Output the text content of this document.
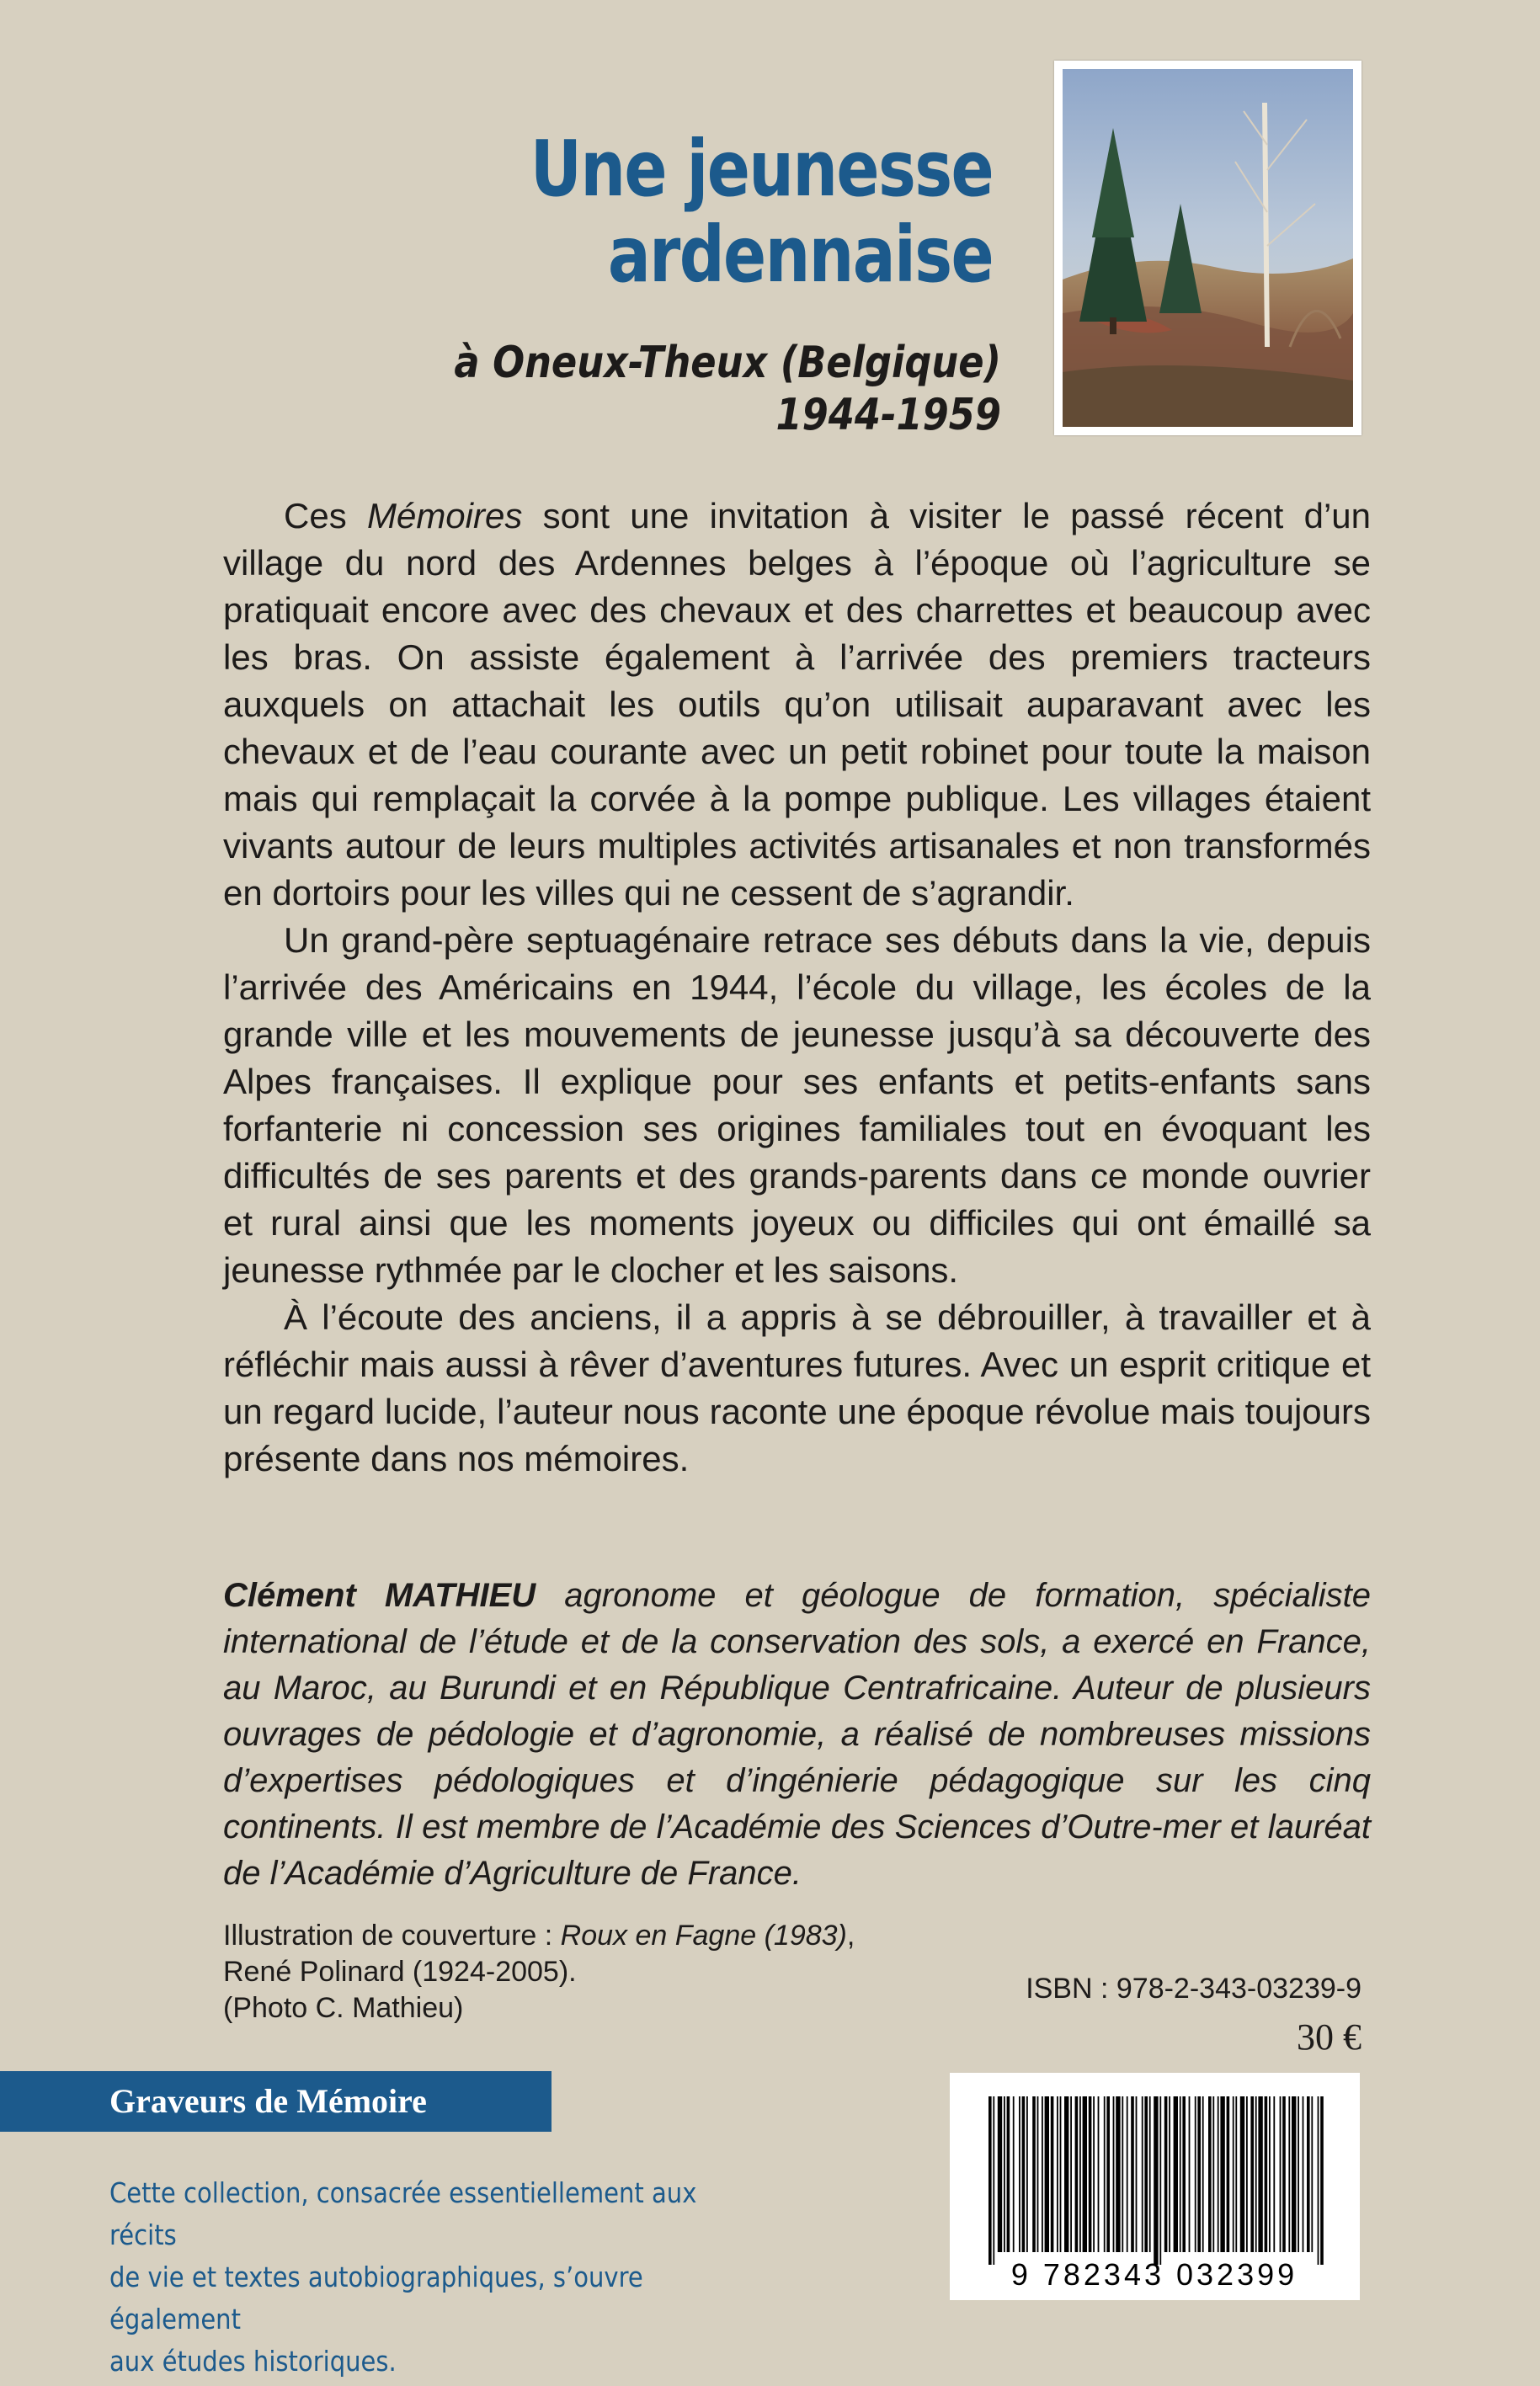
Une jeunesse
ardennaise
à Oneux-Theux (Belgique)
1944-1959

Ces Mémoires sont une invitation à visiter le passé récent d’un village du nord des Ardennes belges à l’époque où l’agriculture se pratiquait encore avec des chevaux et des charrettes et beaucoup avec les bras. On assiste également à l’arrivée des premiers tracteurs auxquels on attachait les outils qu’on utilisait auparavant avec les chevaux et de l’eau courante avec un petit robinet pour toute la maison mais qui remplaçait la corvée à la pompe publique. Les villages étaient vivants autour de leurs multiples activités artisanales et non transformés en dortoirs pour les villes qui ne cessent de s’agrandir.

Un grand-père septuagénaire retrace ses débuts dans la vie, depuis l’arrivée des Américains en 1944, l’école du village, les écoles de la grande ville et les mouvements de jeunesse jusqu’à sa découverte des Alpes françaises. Il explique pour ses enfants et petits-enfants sans forfanterie ni concession ses origines familiales tout en évoquant les difficultés de ses parents et des grands-parents dans ce monde ouvrier et rural ainsi que les moments joyeux ou difficiles qui ont émaillé sa jeunesse rythmée par le clocher et les saisons.

À l’écoute des anciens, il a appris à se débrouiller, à travailler et à réfléchir mais aussi à rêver d’aventures futures. Avec un esprit critique et un regard lucide, l’auteur nous raconte une époque révolue mais toujours présente dans nos mémoires.

Clément MATHIEU agronome et géologue de formation, spécialiste international de l’étude et de la conservation des sols, a exercé en France, au Maroc, au Burundi et en République Centrafricaine. Auteur de plusieurs ouvrages de pédologie et d’agronomie, a réalisé de nombreuses missions d’expertises pédologiques et d’ingénierie pédagogique sur les cinq continents. Il est membre de l’Académie des Sciences d’Outre-mer et lauréat de l’Académie d’Agriculture de France.

Illustration de couverture : Roux en Fagne (1983),
René Polinard (1924-2005).
(Photo C. Mathieu)
ISBN : 978-2-343-03239-9
30 €
Graveurs de Mémoire
Cette collection, consacrée essentiellement aux récits
de vie et textes autobiographiques, s’ouvre également
aux études historiques.
9 782343 032399
